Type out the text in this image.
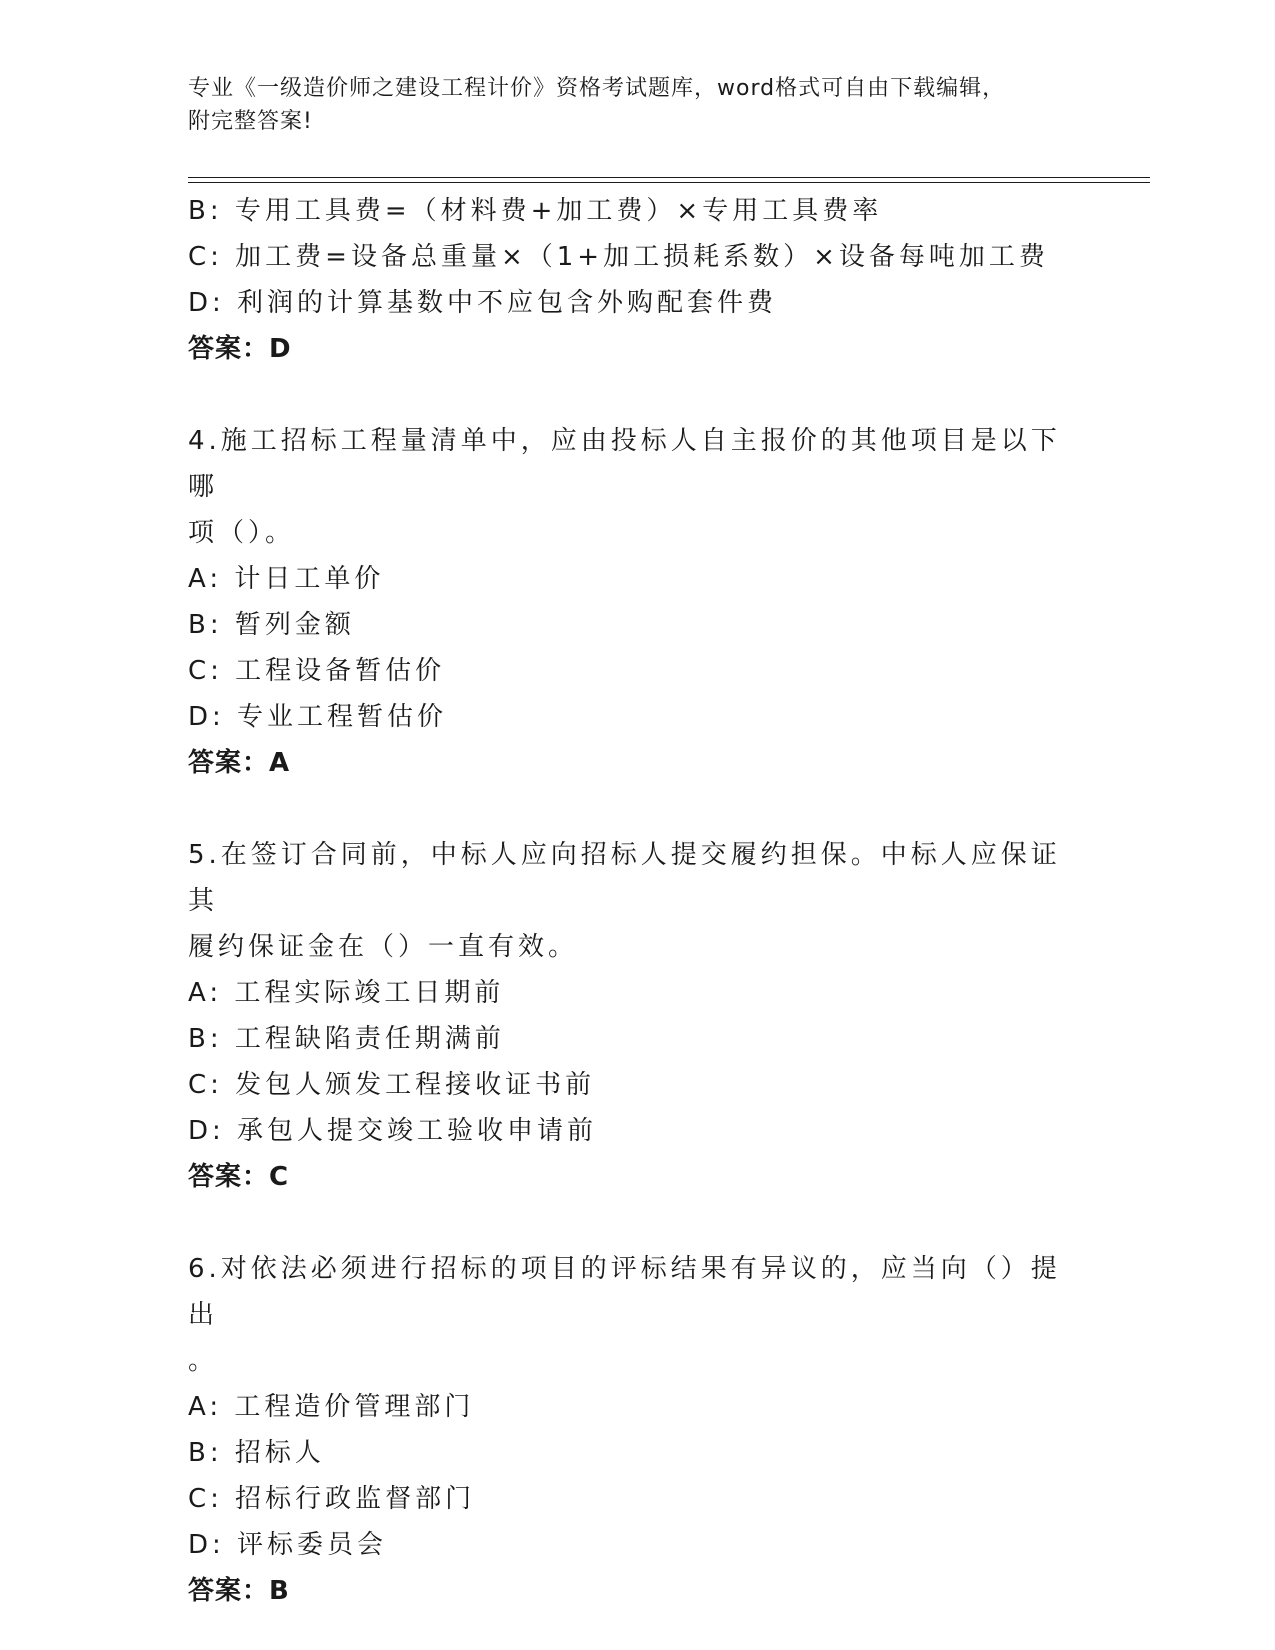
专业《一级造价师之建设工程计价》资格考试题库，word格式可自由下载编辑，
附完整答案!
B: 专用工具费=（材料费+加工费）×专用工具费率
C: 加工费=设备总重量×（1+加工损耗系数）×设备每吨加工费
D: 利润的计算基数中不应包含外购配套件费
答案：D
4.施工招标工程量清单中，应由投标人自主报价的其他项目是以下哪
项（）。
A: 计日工单价
B: 暂列金额
C: 工程设备暂估价
D: 专业工程暂估价
答案：A
5.在签订合同前，中标人应向招标人提交履约担保。中标人应保证其
履约保证金在（）一直有效。
A: 工程实际竣工日期前
B: 工程缺陷责任期满前
C: 发包人颁发工程接收证书前
D: 承包人提交竣工验收申请前
答案：C
6.对依法必须进行招标的项目的评标结果有异议的，应当向（）提出
。
A: 工程造价管理部门
B: 招标人
C: 招标行政监督部门
D: 评标委员会
答案：B
